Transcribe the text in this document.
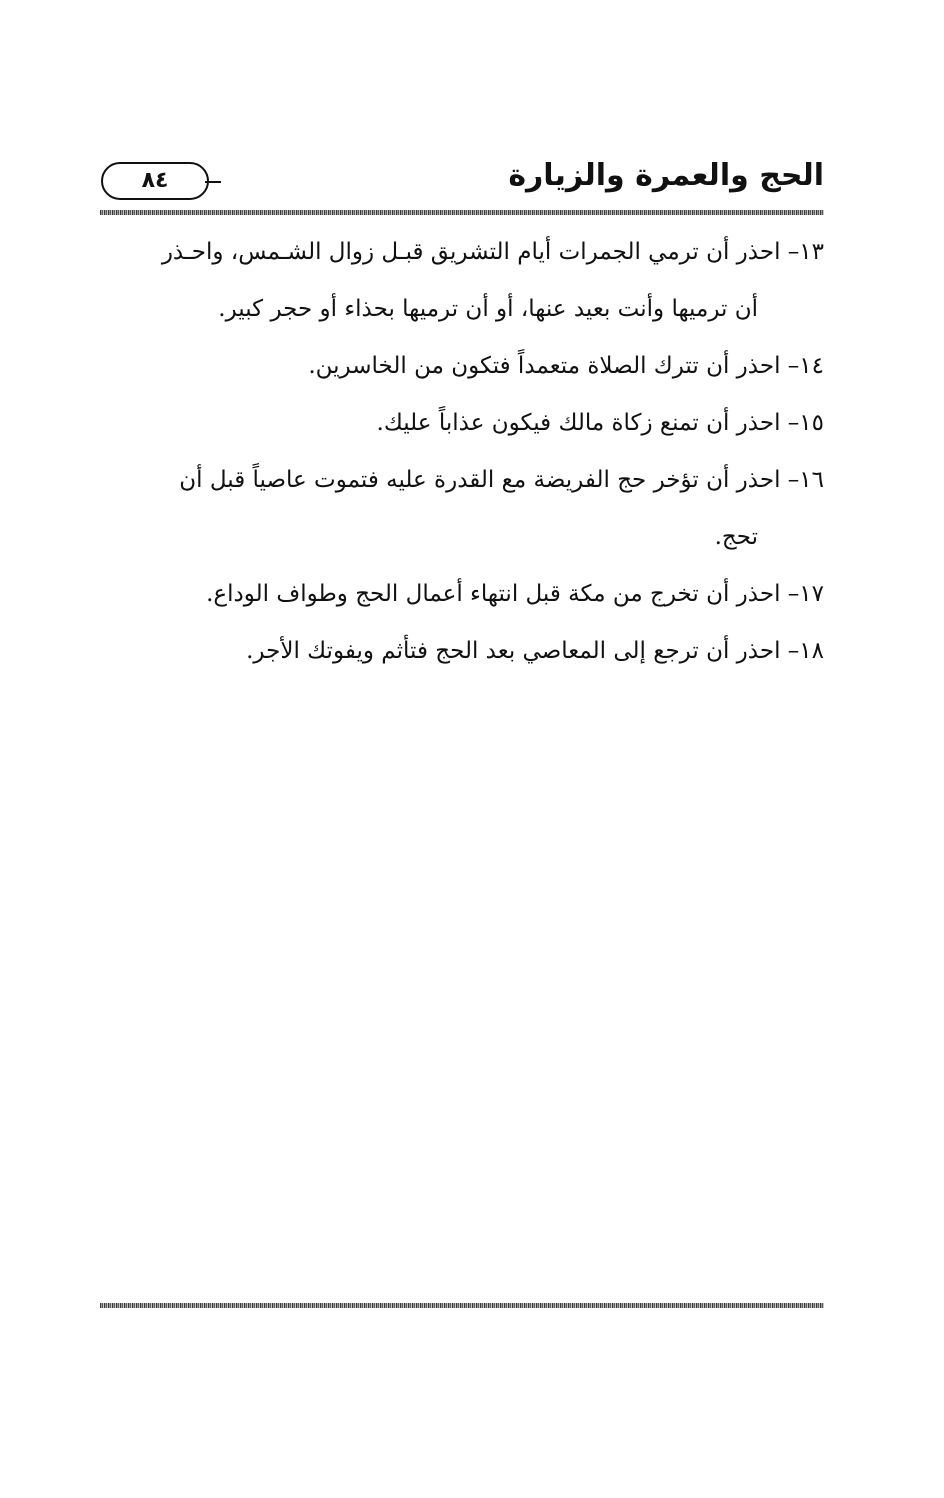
الحج والعمرة والزيارة
٨٤
١٣– احذر أن ترمي الجمرات أيام التشريق قبـل زوال الشـمس، واحـذر
أن ترميها وأنت بعيد عنها، أو أن ترميها بحذاء أو حجر كبير.
١٤– احذر أن تترك الصلاة متعمداً فتكون من الخاسرين.
١٥– احذر أن تمنع زكاة مالك فيكون عذاباً عليك.
١٦– احذر أن تؤخر حج الفريضة مع القدرة عليه فتموت عاصياً قبل أن
تحج.
١٧– احذر أن تخرج من مكة قبل انتهاء أعمال الحج وطواف الوداع.
١٨– احذر أن ترجع إلى المعاصي بعد الحج فتأثم ويفوتك الأجر.
